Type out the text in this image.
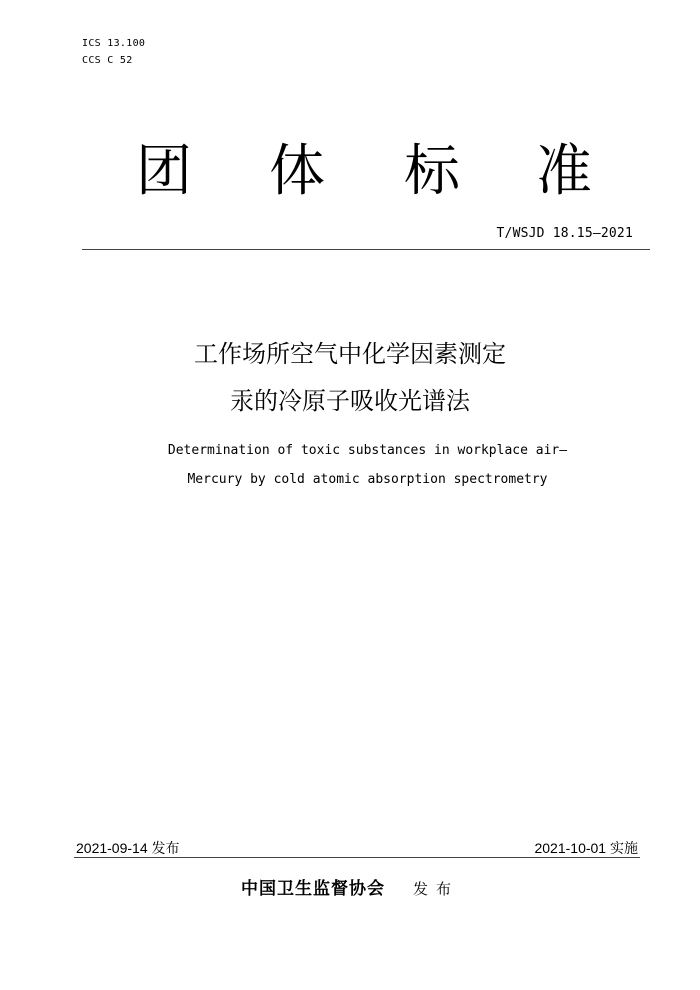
ICS 13.100
CCS C 52
团 体 标 准
T/WSJD 18.15—2021
工作场所空气中化学因素测定
汞的冷原子吸收光谱法
Determination of toxic substances in workplace air—
Mercury by cold atomic absorption spectrometry
2021-09-14 发布	2021-10-01 实施
中国卫生监督协会 发布
